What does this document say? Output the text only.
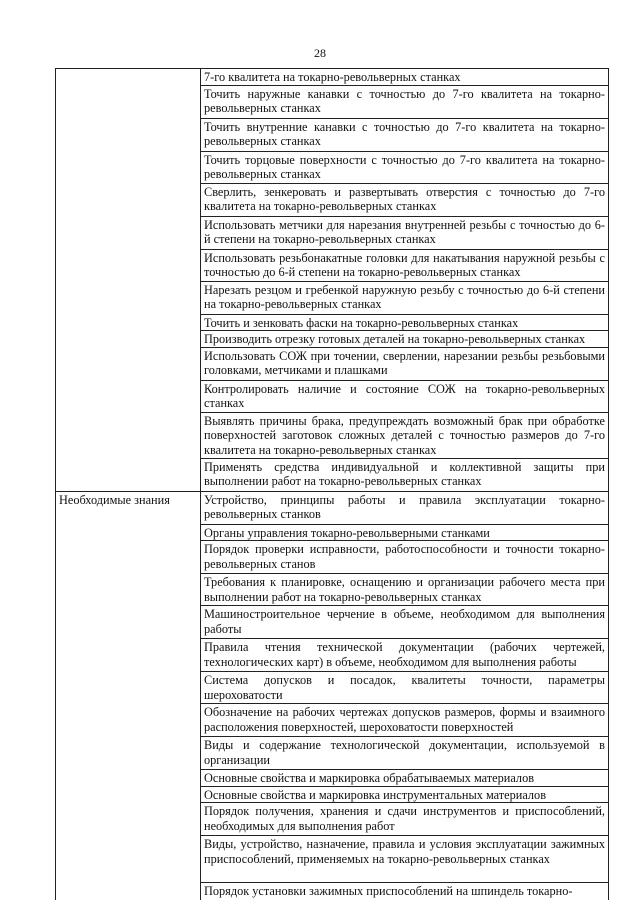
28
	7-го квалитета на токарно-револьверных станках
	Точить наружные канавки с точностью до 7-го квалитета на токарно-револьверных станках
	Точить внутренние канавки с точностью до 7-го квалитета на токарно-револьверных станках
	Точить торцовые поверхности с точностью до 7-го квалитета на токарно-револьверных станках
	Сверлить, зенкеровать и развертывать отверстия с точностью до 7-го квалитета на токарно-револьверных станках
	Использовать метчики для нарезания внутренней резьбы с точностью до 6-й степени на токарно-револьверных станках
	Использовать резьбонакатные головки для накатывания наружной резьбы с точностью до 6-й степени на токарно-револьверных станках
	Нарезать резцом и гребенкой наружную резьбу с точностью до 6-й степени на токарно-револьверных станках
	Точить и зенковать фаски на токарно-револьверных станках
	Производить отрезку готовых деталей на токарно-револьверных станках
	Использовать СОЖ при точении, сверлении, нарезании резьбы резьбовыми головками, метчиками и плашками
	Контролировать наличие и состояние СОЖ на токарно-револьверных станках
	Выявлять причины брака, предупреждать возможный брак при обработке поверхностей заготовок сложных деталей с точностью размеров до 7-го квалитета на токарно-револьверных станках
	Применять средства индивидуальной и коллективной защиты при выполнении работ на токарно-револьверных станках
Необходимые знания	Устройство, принципы работы и правила эксплуатации токарно-револьверных станков
	Органы управления токарно-револьверными станками
	Порядок проверки исправности, работоспособности и точности токарно-револьверных станов
	Требования к планировке, оснащению и организации рабочего места при выполнении работ на токарно-револьверных станках
	Машиностроительное черчение в объеме, необходимом для выполнения работы
	Правила чтения технической документации (рабочих чертежей, технологических карт) в объеме, необходимом для выполнения работы
	Система допусков и посадок, квалитеты точности, параметры шероховатости
	Обозначение на рабочих чертежах допусков размеров, формы и взаимного расположения поверхностей, шероховатости поверхностей
	Виды и содержание технологической документации, используемой в организации
	Основные свойства и маркировка обрабатываемых материалов
	Основные свойства и маркировка инструментальных материалов
	Порядок получения, хранения и сдачи инструментов и приспособлений, необходимых для выполнения работ
	Виды, устройство, назначение, правила и условия эксплуатации зажимных приспособлений, применяемых на токарно-револьверных станках
	Порядок установки зажимных приспособлений на шпиндель токарно-
